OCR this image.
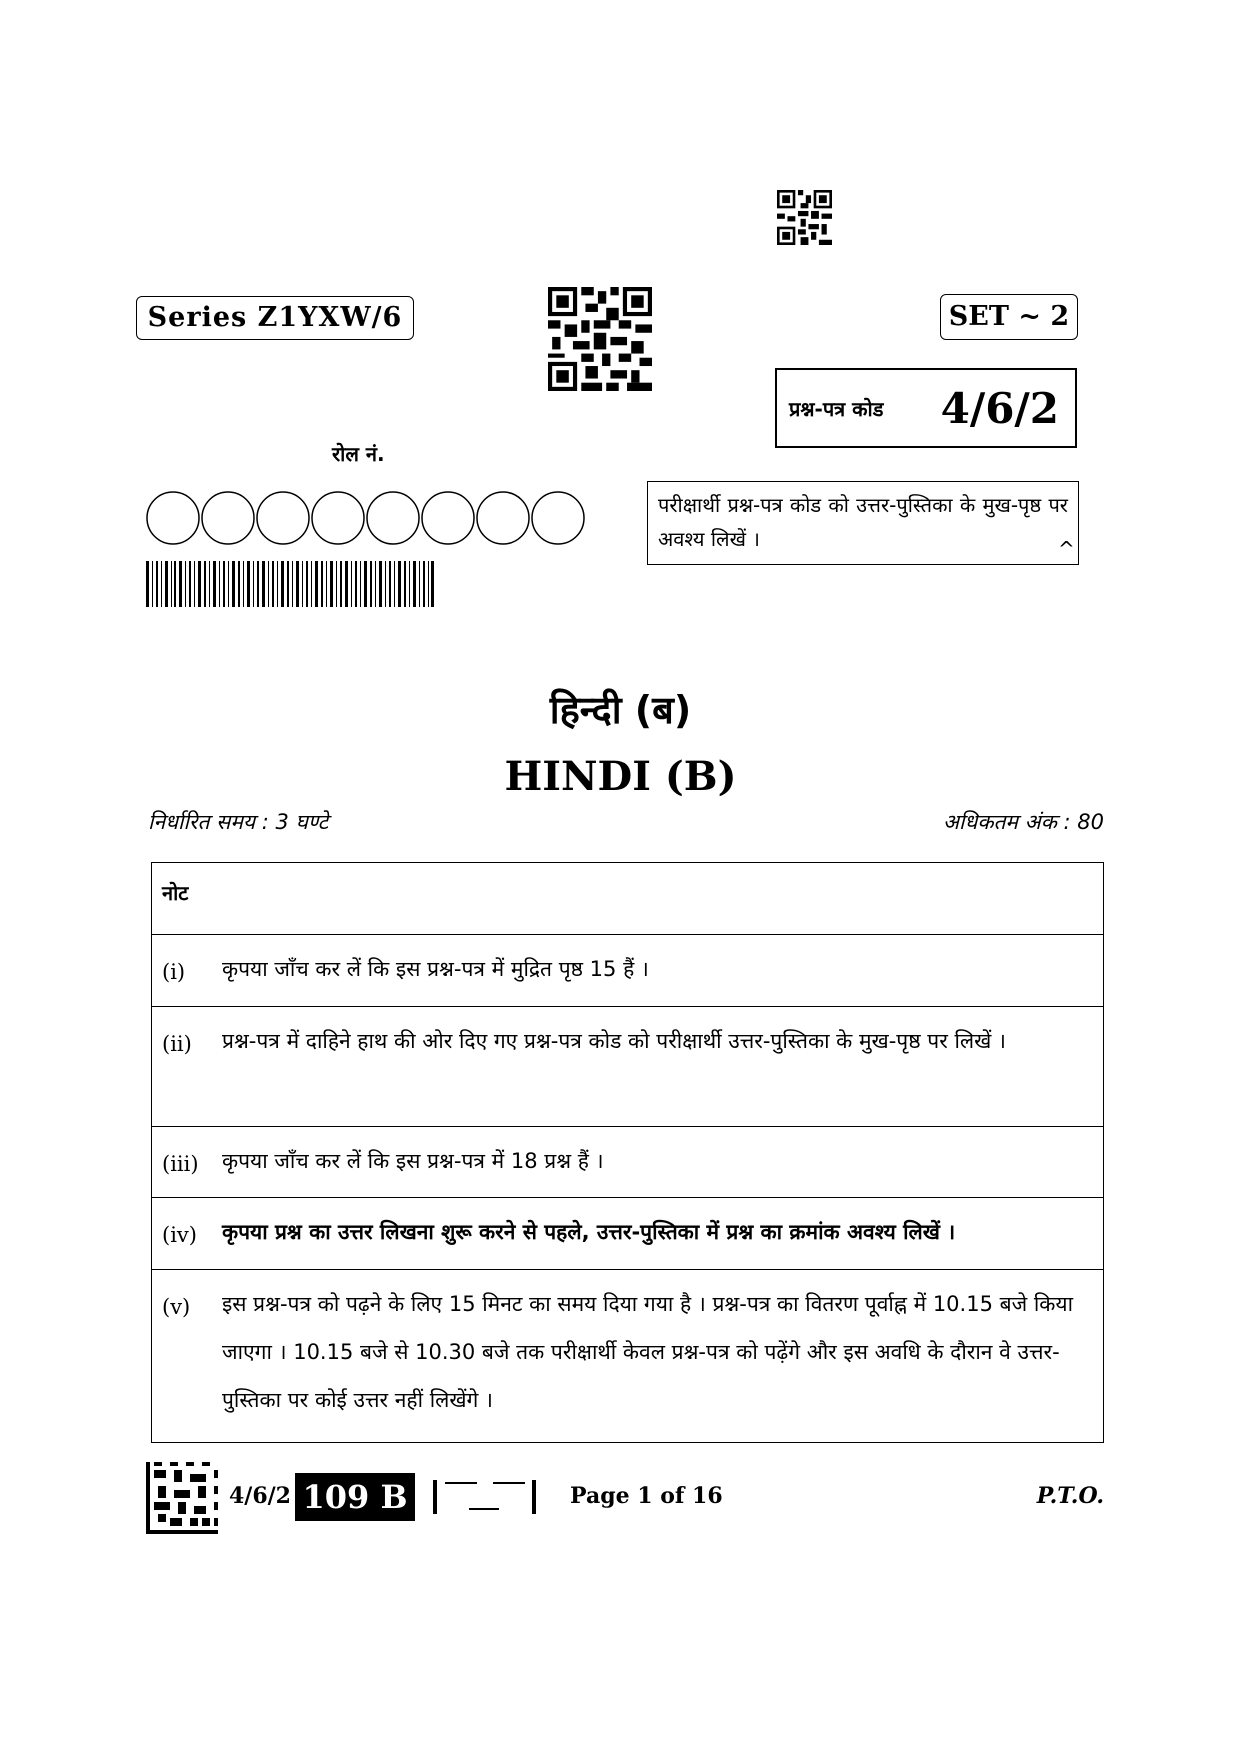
Series Z1YXW/6	SET ~ 2
प्रश्न-पत्र कोड 4/6/2
रोल नं.
परीक्षार्थी प्रश्न-पत्र कोड को उत्तर-पुस्तिका के मुख-पृष्ठ पर अवश्य लिखें ।	^
हिन्दी (ब)
HINDI (B)
निर्धारित समय : 3 घण्टे	अधिकतम अंक : 80
नोट
(i)	कृपया जाँच कर लें कि इस प्रश्न-पत्र में मुद्रित पृष्ठ 15 हैं ।
(ii)	प्रश्न-पत्र में दाहिने हाथ की ओर दिए गए प्रश्न-पत्र कोड को परीक्षार्थी उत्तर-पुस्तिका के मुख-पृष्ठ पर लिखें ।
(iii)	कृपया जाँच कर लें कि इस प्रश्न-पत्र में 18 प्रश्न हैं ।
(iv)	कृपया प्रश्न का उत्तर लिखना शुरू करने से पहले, उत्तर-पुस्तिका में प्रश्न का क्रमांक अवश्य लिखें ।
(v)	इस प्रश्न-पत्र को पढ़ने के लिए 15 मिनट का समय दिया गया है । प्रश्न-पत्र का वितरण पूर्वाह्न में 10.15 बजे किया जाएगा । 10.15 बजे से 10.30 बजे तक परीक्षार्थी केवल प्रश्न-पत्र को पढ़ेंगे और इस अवधि के दौरान वे उत्तर-पुस्तिका पर कोई उत्तर नहीं लिखेंगे ।
4/6/2 109 B	Page 1 of 16	P.T.O.
